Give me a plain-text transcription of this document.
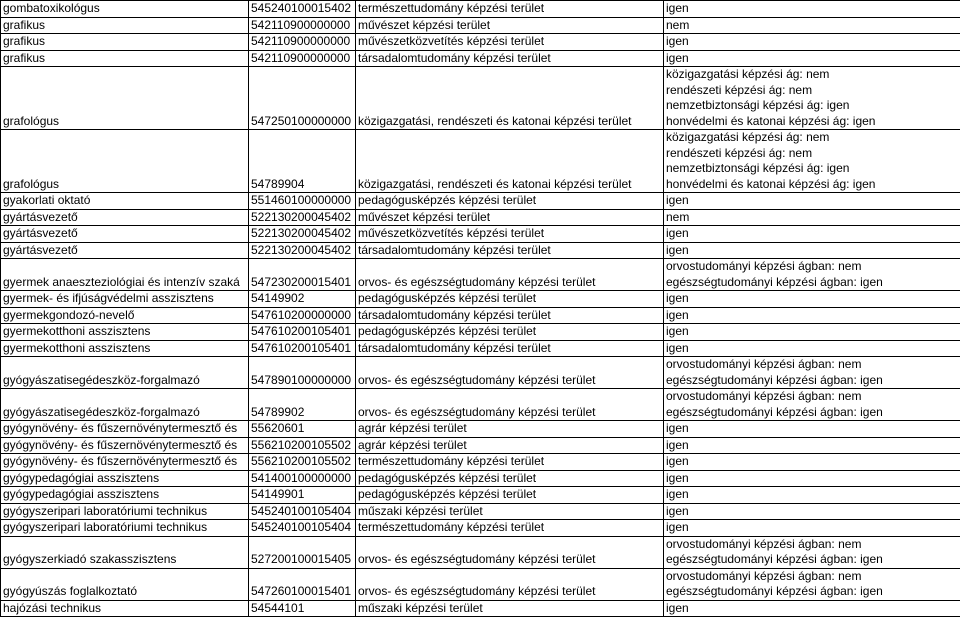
gombatoxikológus	545240100015402	természettudomány képzési terület	igen

grafikus	542110900000000	művészet képzési terület	nem

grafikus	542110900000000	művészetközvetítés képzési terület	igen

grafikus	542110900000000	társadalomtudomány képzési terület	igen

grafológus	547250100000000	közigazgatási, rendészeti és katonai képzési terület	közigazgatási képzési ág: nem
rendészeti képzési ág: nem
nemzetbiztonsági képzési ág: igen
honvédelmi és katonai képzési ág: igen

grafológus	54789904	közigazgatási, rendészeti és katonai képzési terület	közigazgatási képzési ág: nem
rendészeti képzési ág: nem
nemzetbiztonsági képzési ág: igen
honvédelmi és katonai képzési ág: igen

gyakorlati oktató	551460100000000	pedagógusképzés képzési terület	igen

gyártásvezető	522130200045402	művészet képzési terület	nem

gyártásvezető	522130200045402	művészetközvetítés képzési terület	igen

gyártásvezető	522130200045402	társadalomtudomány képzési terület	igen

gyermek anaeszteziológiai és intenzív szaká	547230200015401	orvos- és egészségtudomány képzési terület	orvostudományi képzési ágban: nem
egészségtudományi képzési ágban: igen

gyermek- és ifjúságvédelmi asszisztens	54149902	pedagógusképzés képzési terület	igen

gyermekgondozó-nevelő	547610200000000	társadalomtudomány képzési terület	igen

gyermekotthoni asszisztens	547610200105401	pedagógusképzés képzési terület	igen

gyermekotthoni asszisztens	547610200105401	társadalomtudomány képzési terület	igen

gyógyászatisegédeszköz-forgalmazó	547890100000000	orvos- és egészségtudomány képzési terület	orvostudományi képzési ágban: nem
egészségtudományi képzési ágban: igen

gyógyászatisegédeszköz-forgalmazó	54789902	orvos- és egészségtudomány képzési terület	orvostudományi képzési ágban: nem
egészségtudományi képzési ágban: igen

gyógynövény- és fűszernövénytermesztő és	55620601	agrár képzési terület	igen

gyógynövény- és fűszernövénytermesztő és	556210200105502	agrár képzési terület	igen

gyógynövény- és fűszernövénytermesztő és	556210200105502	természettudomány képzési terület	igen

gyógypedagógiai asszisztens	541400100000000	pedagógusképzés képzési terület	igen

gyógypedagógiai asszisztens	54149901	pedagógusképzés képzési terület	igen

gyógyszeripari laboratóriumi technikus	545240100105404	műszaki képzési terület	igen

gyógyszeripari laboratóriumi technikus	545240100105404	természettudomány képzési terület	igen

gyógyszerkiadó szakasszisztens	527200100015405	orvos- és egészségtudomány képzési terület	orvostudományi képzési ágban: nem
egészségtudományi képzési ágban: igen

gyógyúszás foglalkoztató	547260100015401	orvos- és egészségtudomány képzési terület	orvostudományi képzési ágban: nem
egészségtudományi képzési ágban: igen

hajózási technikus	54544101	műszaki képzési terület	igen
